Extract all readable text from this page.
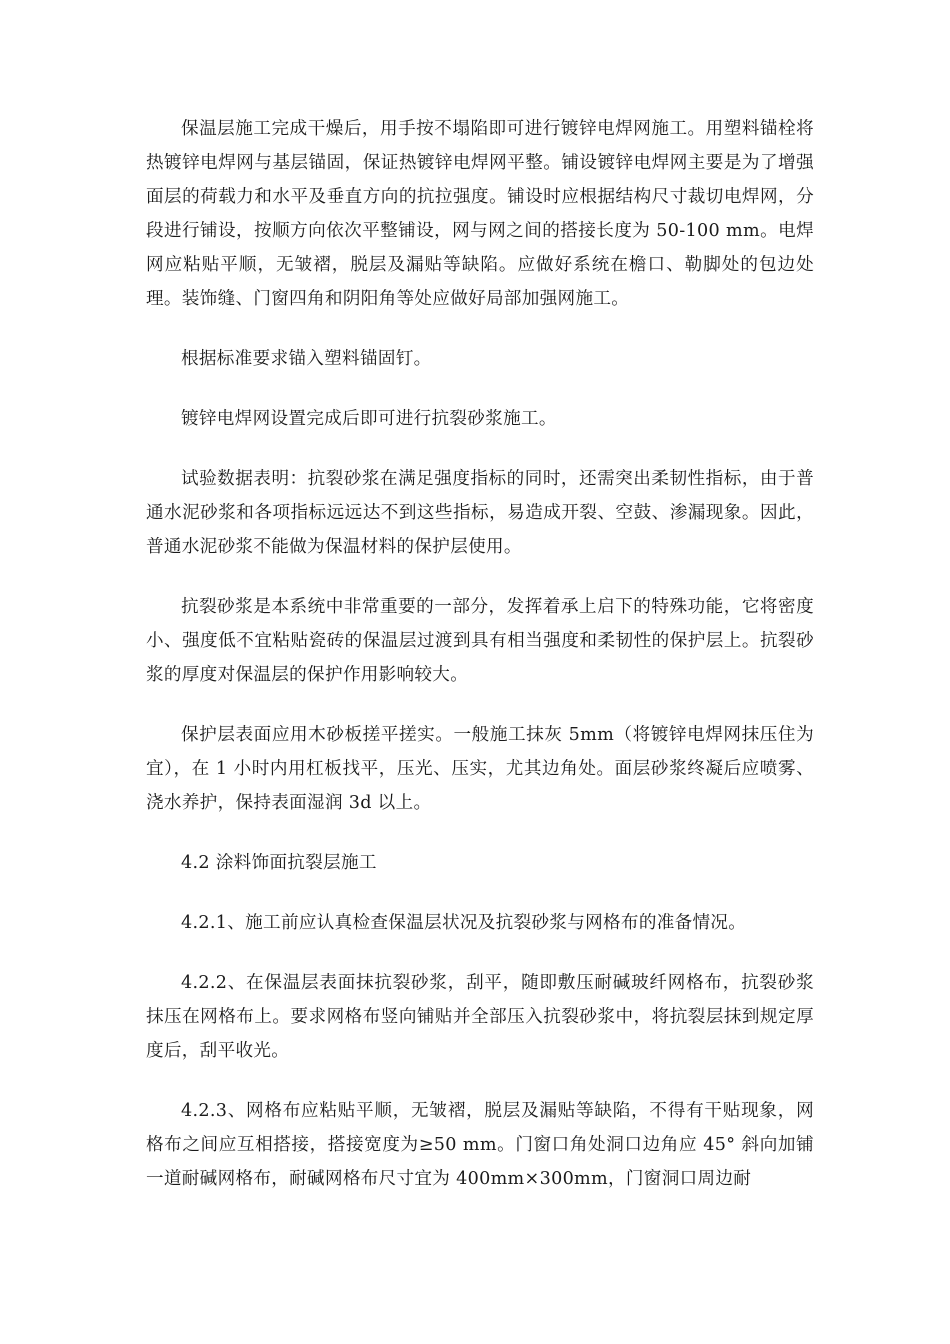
保温层施工完成干燥后，用手按不塌陷即可进行镀锌电焊网施工。用塑料锚栓将热镀锌电焊网与基层锚固，保证热镀锌电焊网平整。铺设镀锌电焊网主要是为了增强面层的荷载力和水平及垂直方向的抗拉强度。铺设时应根据结构尺寸裁切电焊网，分段进行铺设，按顺方向依次平整铺设，网与网之间的搭接长度为 50-100 mm。电焊网应粘贴平顺，无皱褶，脱层及漏贴等缺陷。应做好系统在檐口、勒脚处的包边处理。装饰缝、门窗四角和阴阳角等处应做好局部加强网施工。

根据标准要求锚入塑料锚固钉。

镀锌电焊网设置完成后即可进行抗裂砂浆施工。

试验数据表明：抗裂砂浆在满足强度指标的同时，还需突出柔韧性指标，由于普通水泥砂浆和各项指标远远达不到这些指标，易造成开裂、空鼓、渗漏现象。因此，普通水泥砂浆不能做为保温材料的保护层使用。

抗裂砂浆是本系统中非常重要的一部分，发挥着承上启下的特殊功能，它将密度小、强度低不宜粘贴瓷砖的保温层过渡到具有相当强度和柔韧性的保护层上。抗裂砂浆的厚度对保温层的保护作用影响较大。

保护层表面应用木砂板搓平搓实。一般施工抹灰 5mm（将镀锌电焊网抹压住为宜），在 1 小时内用杠板找平，压光、压实，尤其边角处。面层砂浆终凝后应喷雾、浇水养护，保持表面湿润 3d 以上。

4.2 涂料饰面抗裂层施工

4.2.1、施工前应认真检查保温层状况及抗裂砂浆与网格布的准备情况。

4.2.2、在保温层表面抹抗裂砂浆，刮平，随即敷压耐碱玻纤网格布，抗裂砂浆抹压在网格布上。要求网格布竖向铺贴并全部压入抗裂砂浆中，将抗裂层抹到规定厚度后，刮平收光。

4.2.3、网格布应粘贴平顺，无皱褶，脱层及漏贴等缺陷，不得有干贴现象，网格布之间应互相搭接，搭接宽度为≥50 mm。门窗口角处洞口边角应 45° 斜向加铺一道耐碱网格布，耐碱网格布尺寸宜为 400mm×300mm，门窗洞口周边耐
